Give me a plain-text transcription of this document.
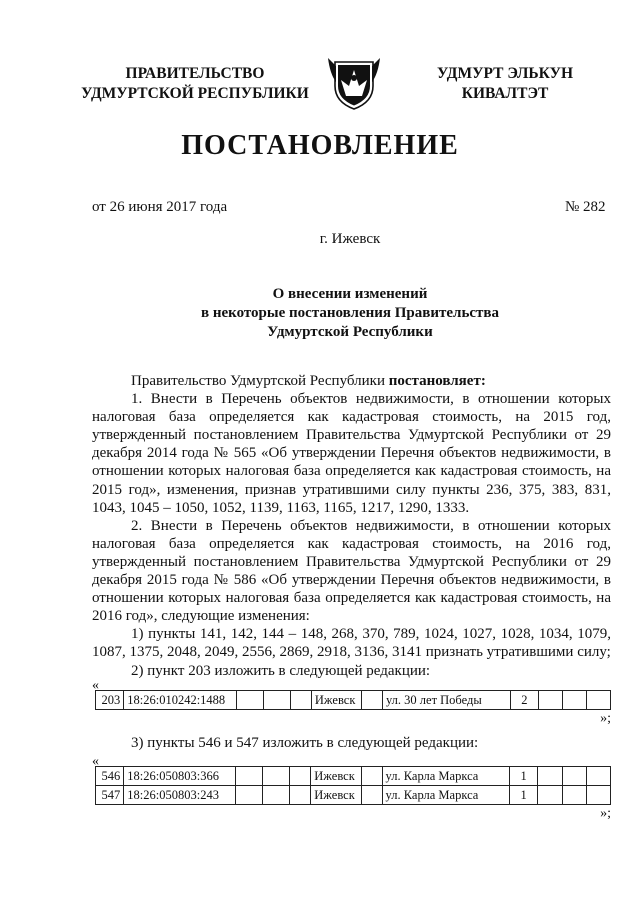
ПРАВИТЕЛЬСТВО
УДМУРТСКОЙ РЕСПУБЛИКИ
УДМУРТ ЭЛЬКУН
КИВАЛТЭТ
ПОСТАНОВЛЕНИЕ
от 26 июня 2017 года	№ 282
г. Ижевск
О внесении изменений
в некоторые постановления Правительства
Удмуртской Республики

Правительство Удмуртской Республики постановляет:

1. Внести в Перечень объектов недвижимости, в отношении которых налоговая база определяется как кадастровая стоимость, на 2015 год, утвержденный постановлением Правительства Удмуртской Республики от 29 декабря 2014 года № 565 «Об утверждении Перечня объектов недвижимости, в отношении которых налоговая база определяется как кадастровая стоимость, на 2015 год», изменения, признав утратившими силу пункты 236, 375, 383, 831, 1043, 1045 – 1050, 1052, 1139, 1163, 1165, 1217, 1290, 1333.

2. Внести в Перечень объектов недвижимости, в отношении которых налоговая база определяется как кадастровая стоимость, на 2016 год, утвержденный постановлением Правительства Удмуртской Республики от 29 декабря 2015 года № 586 «Об утверждении Перечня объектов недвижимости, в отношении которых налоговая база определяется как кадастровая стоимость, на 2016 год», следующие изменения:

1) пункты 141, 142, 144 – 148, 268, 370, 789, 1024, 1027, 1028, 1034, 1079, 1087, 1375, 2048, 2049, 2556, 2869, 2918, 3136, 3141 признать утратившими силу;

2) пункт 203 изложить в следующей редакции:

«
203	18:26:010242:1488				Ижевск		ул. 30 лет Победы	2			
»;

3) пункты 546 и 547 изложить в следующей редакции:

«
546	18:26:050803:366				Ижевск		ул. Карла Маркса	1			
547	18:26:050803:243				Ижевск		ул. Карла Маркса	1			
»;
